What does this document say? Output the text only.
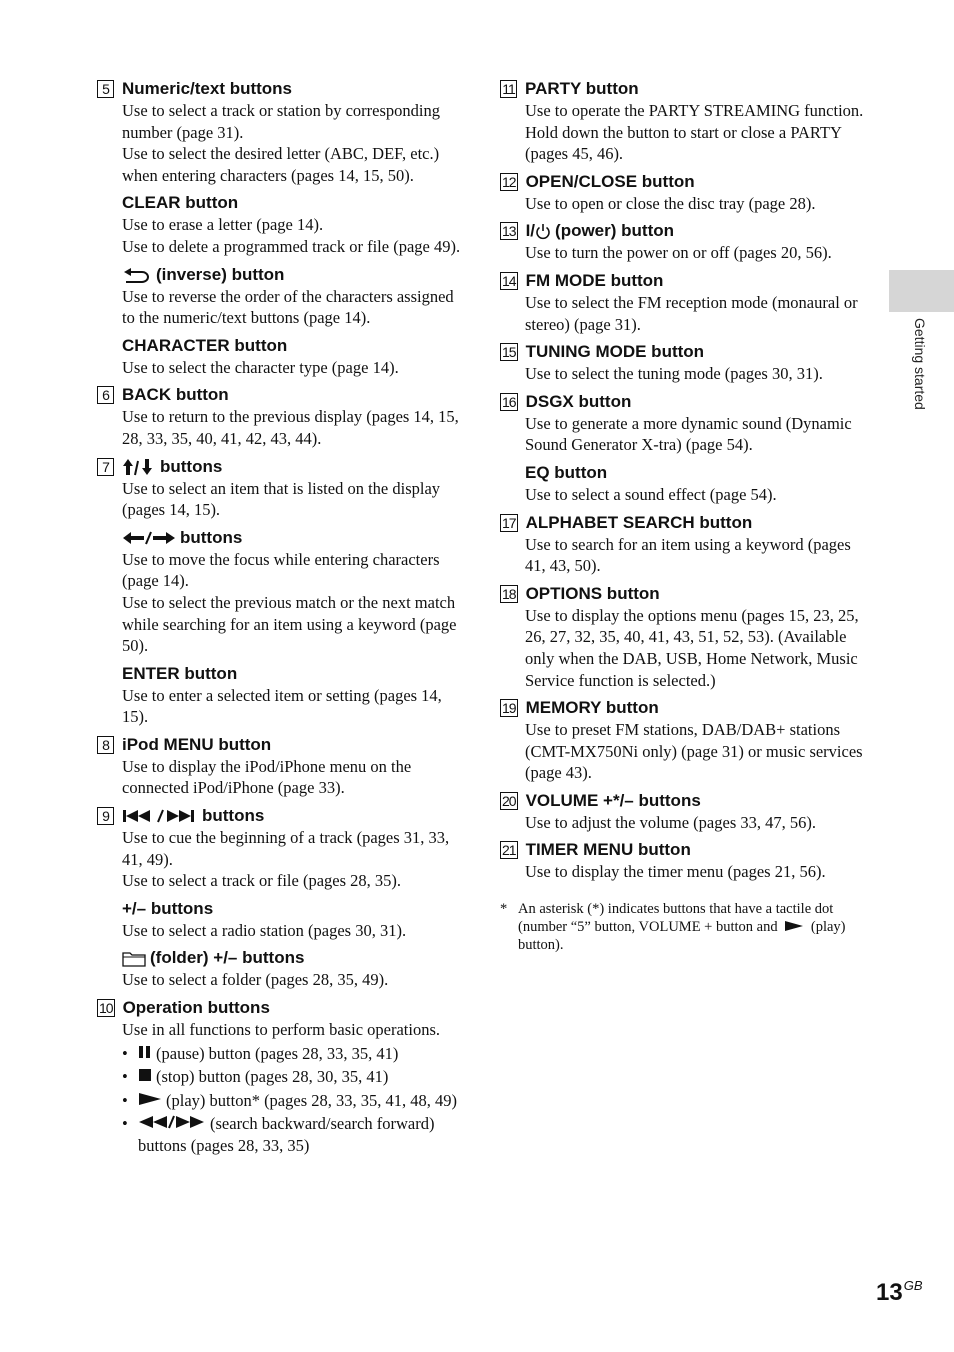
5 Numeric/text buttons

Use to select a track or station by corresponding number (page 31).

Use to select the desired letter (ABC, DEF, etc.) when entering characters (pages 14, 15, 50).

CLEAR button

Use to erase a letter (page 14).

Use to delete a programmed track or file (page 49).

(inverse) button

Use to reverse the order of the characters assigned to the numeric/text buttons (page 14).

CHARACTER button

Use to select the character type (page 14).

6 BACK button

Use to return to the previous display (pages 14, 15, 28, 33, 35, 40, 41, 42, 43, 44).

7	buttons

Use to select an item that is listed on the display (pages 14, 15).

buttons

Use to move the focus while entering characters (page 14).

Use to select the previous match or the next match while searching for an item using a keyword (page 50).

ENTER button

Use to enter a selected item or setting (pages 14, 15).

8 iPod MENU button

Use to display the iPod/iPhone menu on the connected iPod/iPhone (page 33).

9	buttons

Use to cue the beginning of a track (pages 31, 33, 41, 49).

Use to select a track or file (pages 28, 35).

+/– buttons

Use to select a radio station (pages 30, 31).

(folder) +/– buttons

Use to select a folder (pages 28, 35, 49).

10 Operation buttons

Use in all functions to perform basic operations.

• (pause) button (pages 28, 33, 35, 41)
• (stop) button (pages 28, 30, 35, 41)
• (play) button* (pages 28, 33, 35, 41, 48, 49)
•	(search backward/search forward) buttons (pages 28, 33, 35)
11 PARTY button

Use to operate the PARTY STREAMING function. Hold down the button to start or close a PARTY (pages 45, 46).

12 OPEN/CLOSE button

Use to open or close the disc tray (page 28).

13 I/ (power) button

Use to turn the power on or off (pages 20, 56).

14 FM MODE button

Use to select the FM reception mode (monaural or stereo) (page 31).

15 TUNING MODE button

Use to select the tuning mode (pages 30, 31).

16 DSGX button

Use to generate a more dynamic sound (Dynamic Sound Generator X-tra) (page 54).

EQ button

Use to select a sound effect (page 54).

17 ALPHABET SEARCH button

Use to search for an item using a keyword (pages 41, 43, 50).

18 OPTIONS button

Use to display the options menu (pages 15, 23, 25, 26, 27, 32, 35, 40, 41, 43, 51, 52, 53). (Available only when the DAB, USB, Home Network, Music Service function is selected.)

19 MEMORY button

Use to preset FM stations, DAB/DAB+ stations (CMT-MX750Ni only) (page 31) or music services (page 43).

20 VOLUME +*/– buttons

Use to adjust the volume (pages 33, 47, 56).

21 TIMER MENU button

Use to display the timer menu (pages 21, 56).

* An asterisk (*) indicates buttons that have a tactile dot (number “5” button, VOLUME + button and (play) button).
Getting started
$13^{GB}$
